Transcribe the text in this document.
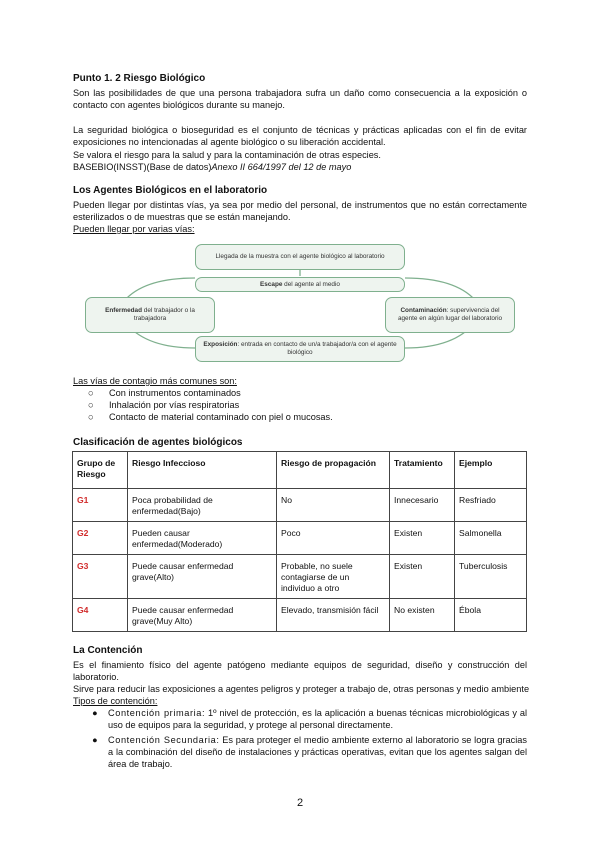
Punto 1. 2 Riesgo Biológico

Son las posibilidades de que una persona trabajadora sufra un daño como consecuencia a la exposición o contacto con agentes biológicos durante su manejo.

La seguridad biológica o bioseguridad es el conjunto de técnicas y prácticas aplicadas con el fin de evitar exposiciones no intencionadas al agente biológico o su liberación accidental.

Se valora el riesgo para la salud y para la contaminación de otras especies.

BASEBIO(INSST)(Base de datos)Anexo II 664/1997 del 12 de mayo

Los Agentes Biológicos en el laboratorio

Pueden llegar por distintas vías, ya sea por medio del personal, de instrumentos que no están correctamente esterilizados o de muestras que se están manejando.

Pueden llegar por varias vías:

Llegada de la muestra con el agente biológico al laboratorio
Escape del agente al medio
Enfermedad del trabajador o la trabajadora
Contaminación: supervivencia del agente en algún lugar del laboratorio
Exposición: entrada en contacto de un/a trabajador/a con el agente biológico

Las vías de contagio más comunes son:

○ Con instrumentos contaminados
○ Inhalación por vías respiratorias
○ Contacto de material contaminado con piel o mucosas.
Clasificación de agentes biológicos
Grupo de Riesgo	Riesgo Infeccioso	Riesgo de propagación	Tratamiento	Ejemplo
G1	Poca probabilidad de enfermedad(Bajo)	No	Innecesario	Resfriado
G2	Pueden causar enfermedad(Moderado)	Poco	Existen	Salmonella
G3	Puede causar enfermedad grave(Alto)	Probable, no suele contagiarse de un individuo a otro	Existen	Tuberculosis
G4	Puede causar enfermedad grave(Muy Alto)	Elevado, transmisión fácil	No existen	Ébola
La Contención

Es el finamiento físico del agente patógeno mediante equipos de seguridad, diseño y construcción del laboratorio.

Sirve para reducir las exposiciones a agentes peligros y proteger a trabajo de, otras personas y medio ambiente

Tipos de contención:

● Contención primaria: 1º nivel de protección, es la aplicación a buenas técnicas microbiológicas y al uso de equipos para la seguridad, y protege al personal directamente.

● Contención Secundaria: Es para proteger el medio ambiente externo al laboratorio se logra gracias a la combinación del diseño de instalaciones y prácticas operativas, evitan que los agentes salgan del área de trabajo.

2
